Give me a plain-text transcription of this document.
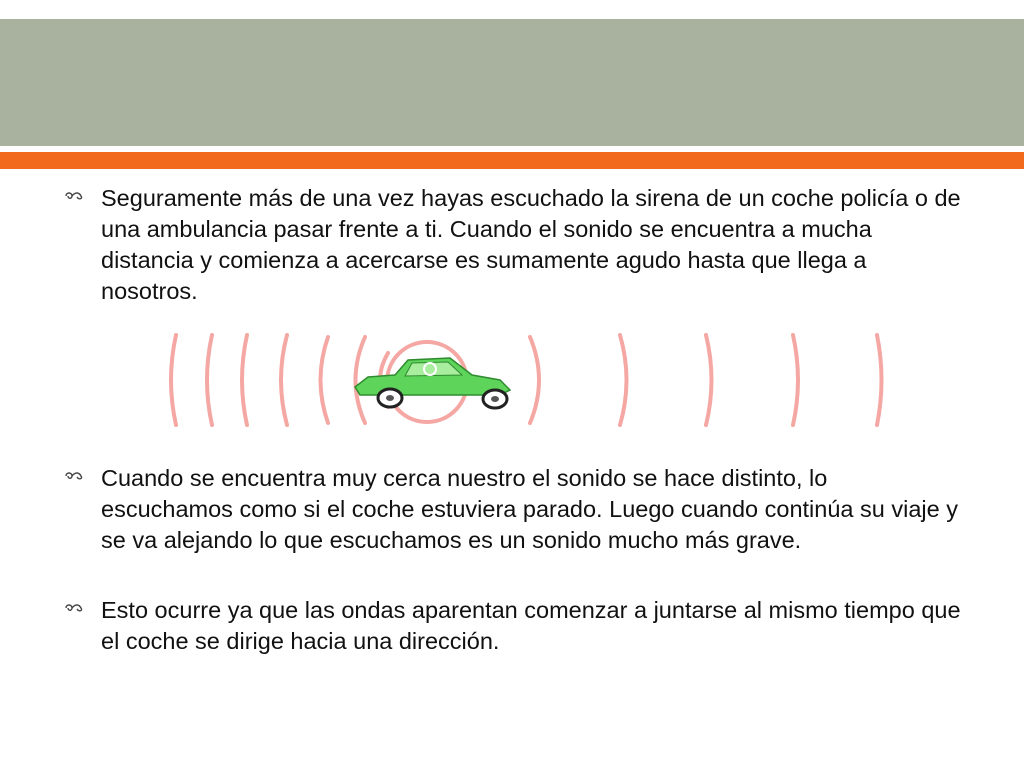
Seguramente más de una vez hayas escuchado la sirena de un coche policía o de una ambulancia pasar frente a ti. Cuando el sonido se encuentra a mucha distancia y comienza a acercarse es sumamente agudo hasta que llega a nosotros.
Cuando se encuentra muy cerca nuestro el sonido se hace distinto, lo escuchamos como si el coche estuviera parado. Luego cuando continúa su viaje y se va alejando lo que escuchamos es un sonido mucho más grave.
Esto ocurre ya que las ondas aparentan comenzar a juntarse al mismo tiempo que el coche se dirige hacia una dirección.
